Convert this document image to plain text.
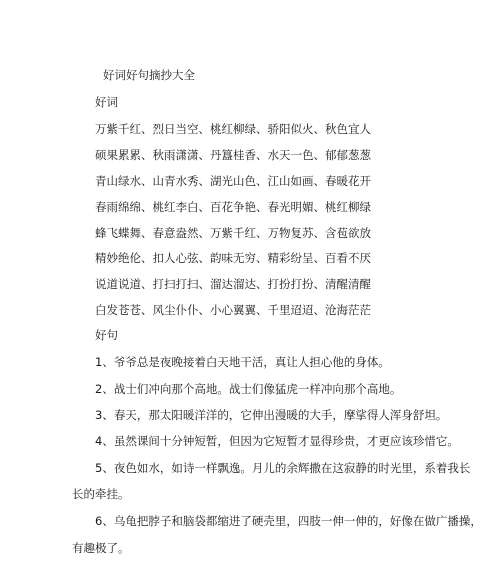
好词好句摘抄大全
好词
万紫千红、烈日当空、桃红柳绿、骄阳似火、秋色宜人
硕果累累、秋雨潇潇、丹簋桂香、水天一色、郁郁葱葱
青山绿水、山青水秀、湖光山色、江山如画、春暖花开
春雨绵绵、桃红李白、百花争艳、春光明媚、桃红柳绿
蜂飞蝶舞、春意盎然、万紫千红、万物复苏、含苞欲放
精妙绝伦、扣人心弦、韵味无穷、精彩纷呈、百看不厌
说道说道、打扫打扫、溜达溜达、打扮打扮、清醒清醒
白发苍苍、风尘仆仆、小心翼翼、千里迢迢、沧海茫茫
好句
1、爷爷总是夜晚接着白天地干活，真让人担心他的身体。
2、战士们冲向那个高地。战士们像猛虎一样冲向那个高地。
3、春天，那太阳暖洋洋的，它伸出漫暖的大手，摩挲得人浑身舒坦。
4、虽然课间十分钟短暂，但因为它短暂才显得珍贵，才更应该珍惜它。
5、夜色如水，如诗一样飘逸。月儿的余辉撒在这寂静的时光里，系着我长
长的牵挂。
6、乌龟把脖子和脑袋都缩进了硬壳里，四肢一伸一伸的，好像在做广播操，
有趣极了。
